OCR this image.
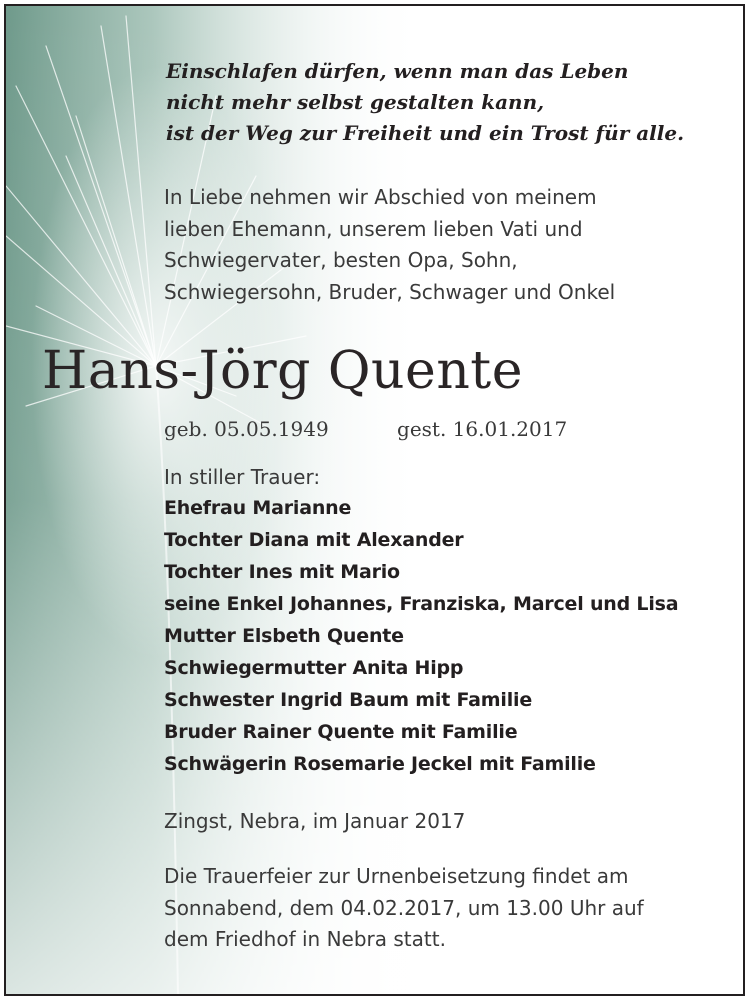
Einschlafen dürfen, wenn man das Leben
nicht mehr selbst gestalten kann,
ist der Weg zur Freiheit und ein Trost für alle.
In Liebe nehmen wir Abschied von meinem
lieben Ehemann, unserem lieben Vati und
Schwiegervater, besten Opa, Sohn,
Schwiegersohn, Bruder, Schwager und Onkel
Hans-Jörg Quente
geb. 05.05.1949	gest. 16.01.2017
In stiller Trauer:
Ehefrau Marianne
Tochter Diana mit Alexander
Tochter Ines mit Mario
seine Enkel Johannes, Franziska, Marcel und Lisa
Mutter Elsbeth Quente
Schwiegermutter Anita Hipp
Schwester Ingrid Baum mit Familie
Bruder Rainer Quente mit Familie
Schwägerin Rosemarie Jeckel mit Familie
Zingst, Nebra, im Januar 2017
Die Trauerfeier zur Urnenbeisetzung findet am
Sonnabend, dem 04.02.2017, um 13.00 Uhr auf
dem Friedhof in Nebra statt.
